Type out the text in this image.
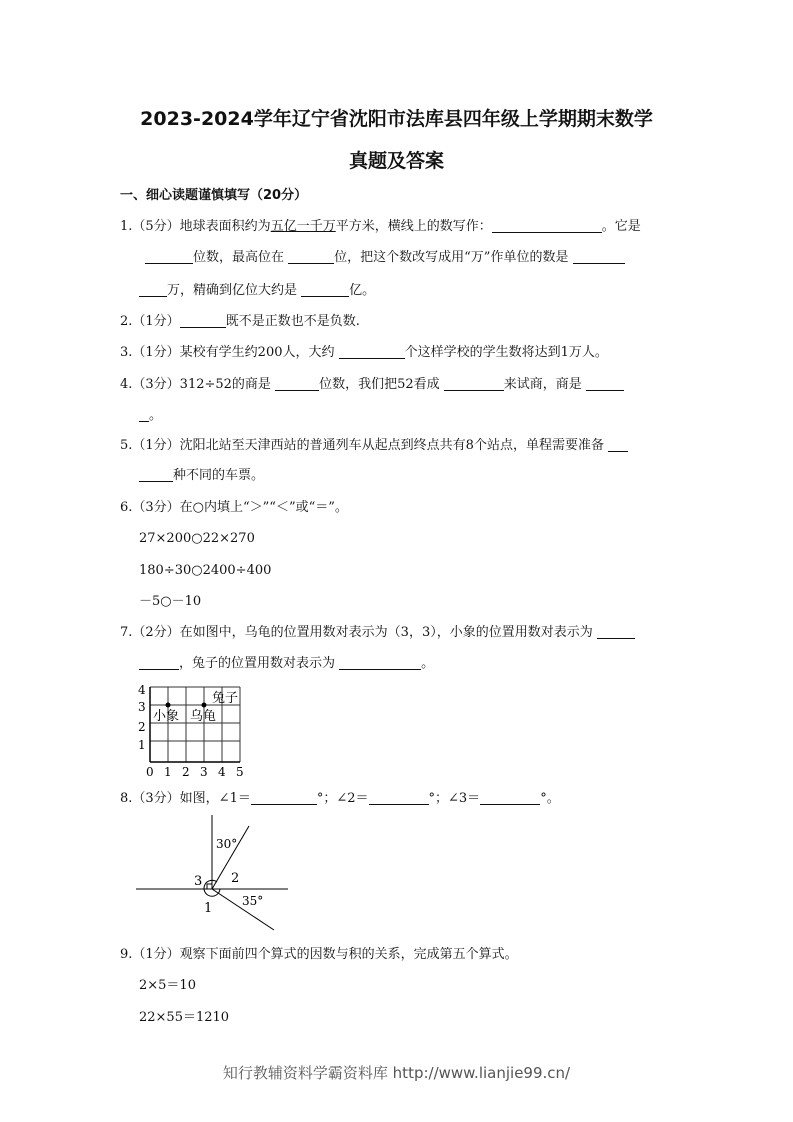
2023-2024学年辽宁省沈阳市法库县四年级上学期期末数学
真题及答案
一、细心读题谨慎填写（20分）
1.（5分）地球表面积约为五亿一千万平方米，横线上的数写作：	。它是
位数，最高位在	位，把这个数改写成用“万”作单位的数是
万，精确到亿位大约是	亿。
2.（1分）	既不是正数也不是负数.
3.（1分）某校有学生约200人，大约	个这样学校的学生数将达到1万人。
4.（3分）312÷52的商是	位数，我们把52看成	来试商，商是
。
5.（1分）沈阳北站至天津西站的普通列车从起点到终点共有8个站点，单程需要准备
种不同的车票。
6.（3分）在○内填上“＞”“＜”或“＝”。
27×200○22×270
180÷30○2400÷400
－5○－10
7.（2分）在如图中，乌龟的位置用数对表示为（3，3），小象的位置用数对表示为
，兔子的位置用数对表示为	。
小象 乌龟
兔子
0 1 2 3 4 5
1
2
3
4
8.（3分）如图，∠1＝	°；∠2＝	°；∠3＝	°。
30°
35°
3 2
1
9.（1分）观察下面前四个算式的因数与积的关系，完成第五个算式。
2×5＝10
22×55＝1210
知行教辅资料学霸资料库 http://www.lianjie99.cn/
